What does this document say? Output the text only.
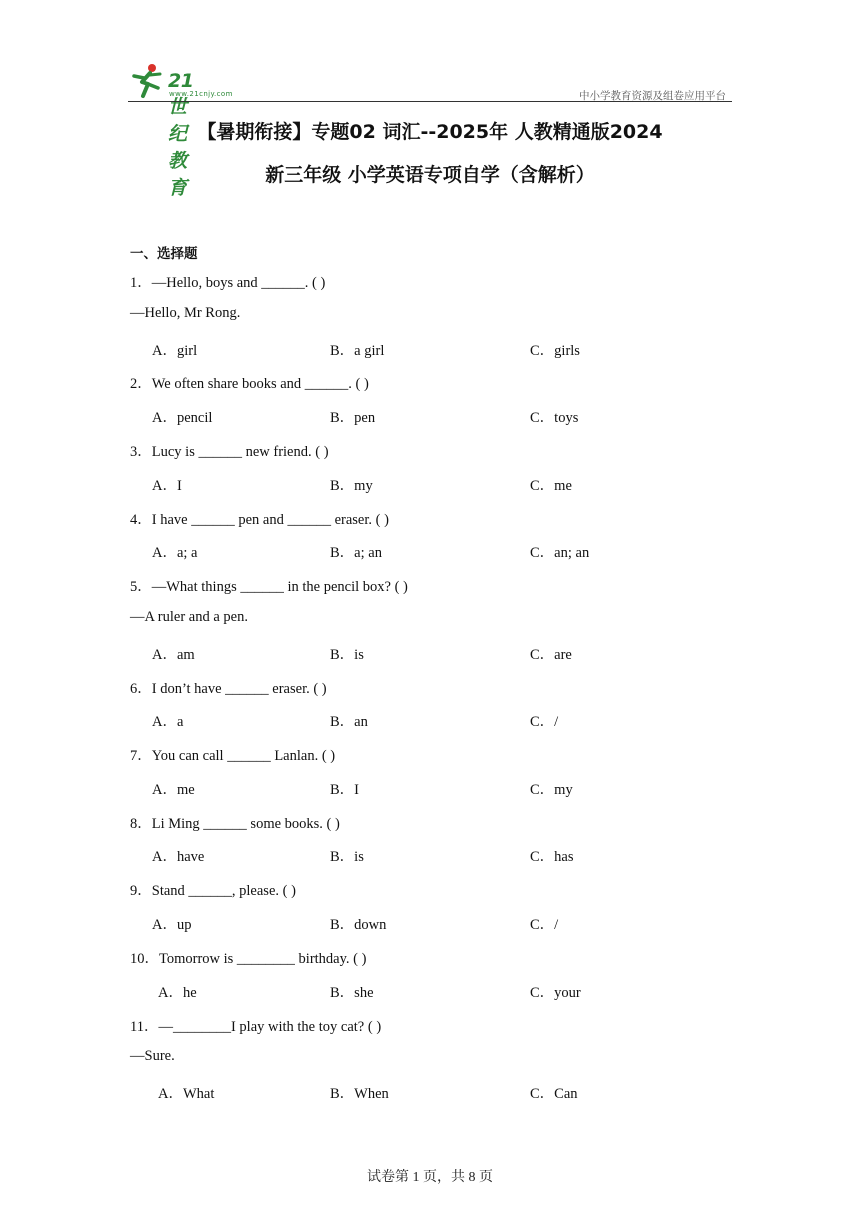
21世纪教育
www.21cnjy.com	中小学教育资源及组卷应用平台
【暑期衔接】专题02 词汇--2025年 人教精通版2024
新三年级 小学英语专项自学（含解析）
一、选择题
1．—Hello, boys and ______. ( )
—Hello, Mr Rong.
A．girl	B．a girl	C．girls
2．We often share books and ______. ( )
A．pencil	B．pen	C．toys
3．Lucy is ______ new friend. ( )
A．I	B．my	C．me
4．I have ______ pen and ______ eraser. ( )
A．a; a	B．a; an	C．an; an
5．—What things ______ in the pencil box? ( )
—A ruler and a pen.
A．am	B．is	C．are
6．I don’t have ______ eraser. ( )
A．a	B．an	C．/
7．You can call ______ Lanlan. ( )
A．me	B．I	C．my
8．Li Ming ______ some books. ( )
A．have	B．is	C．has
9．Stand ______, please. ( )
A．up	B．down	C．/
10．Tomorrow is ________ birthday. ( )
A．he	B．she	C．your
11．—________I play with the toy cat? ( )
—Sure.
A．What	B．When	C．Can
试卷第 1 页，共 8 页
